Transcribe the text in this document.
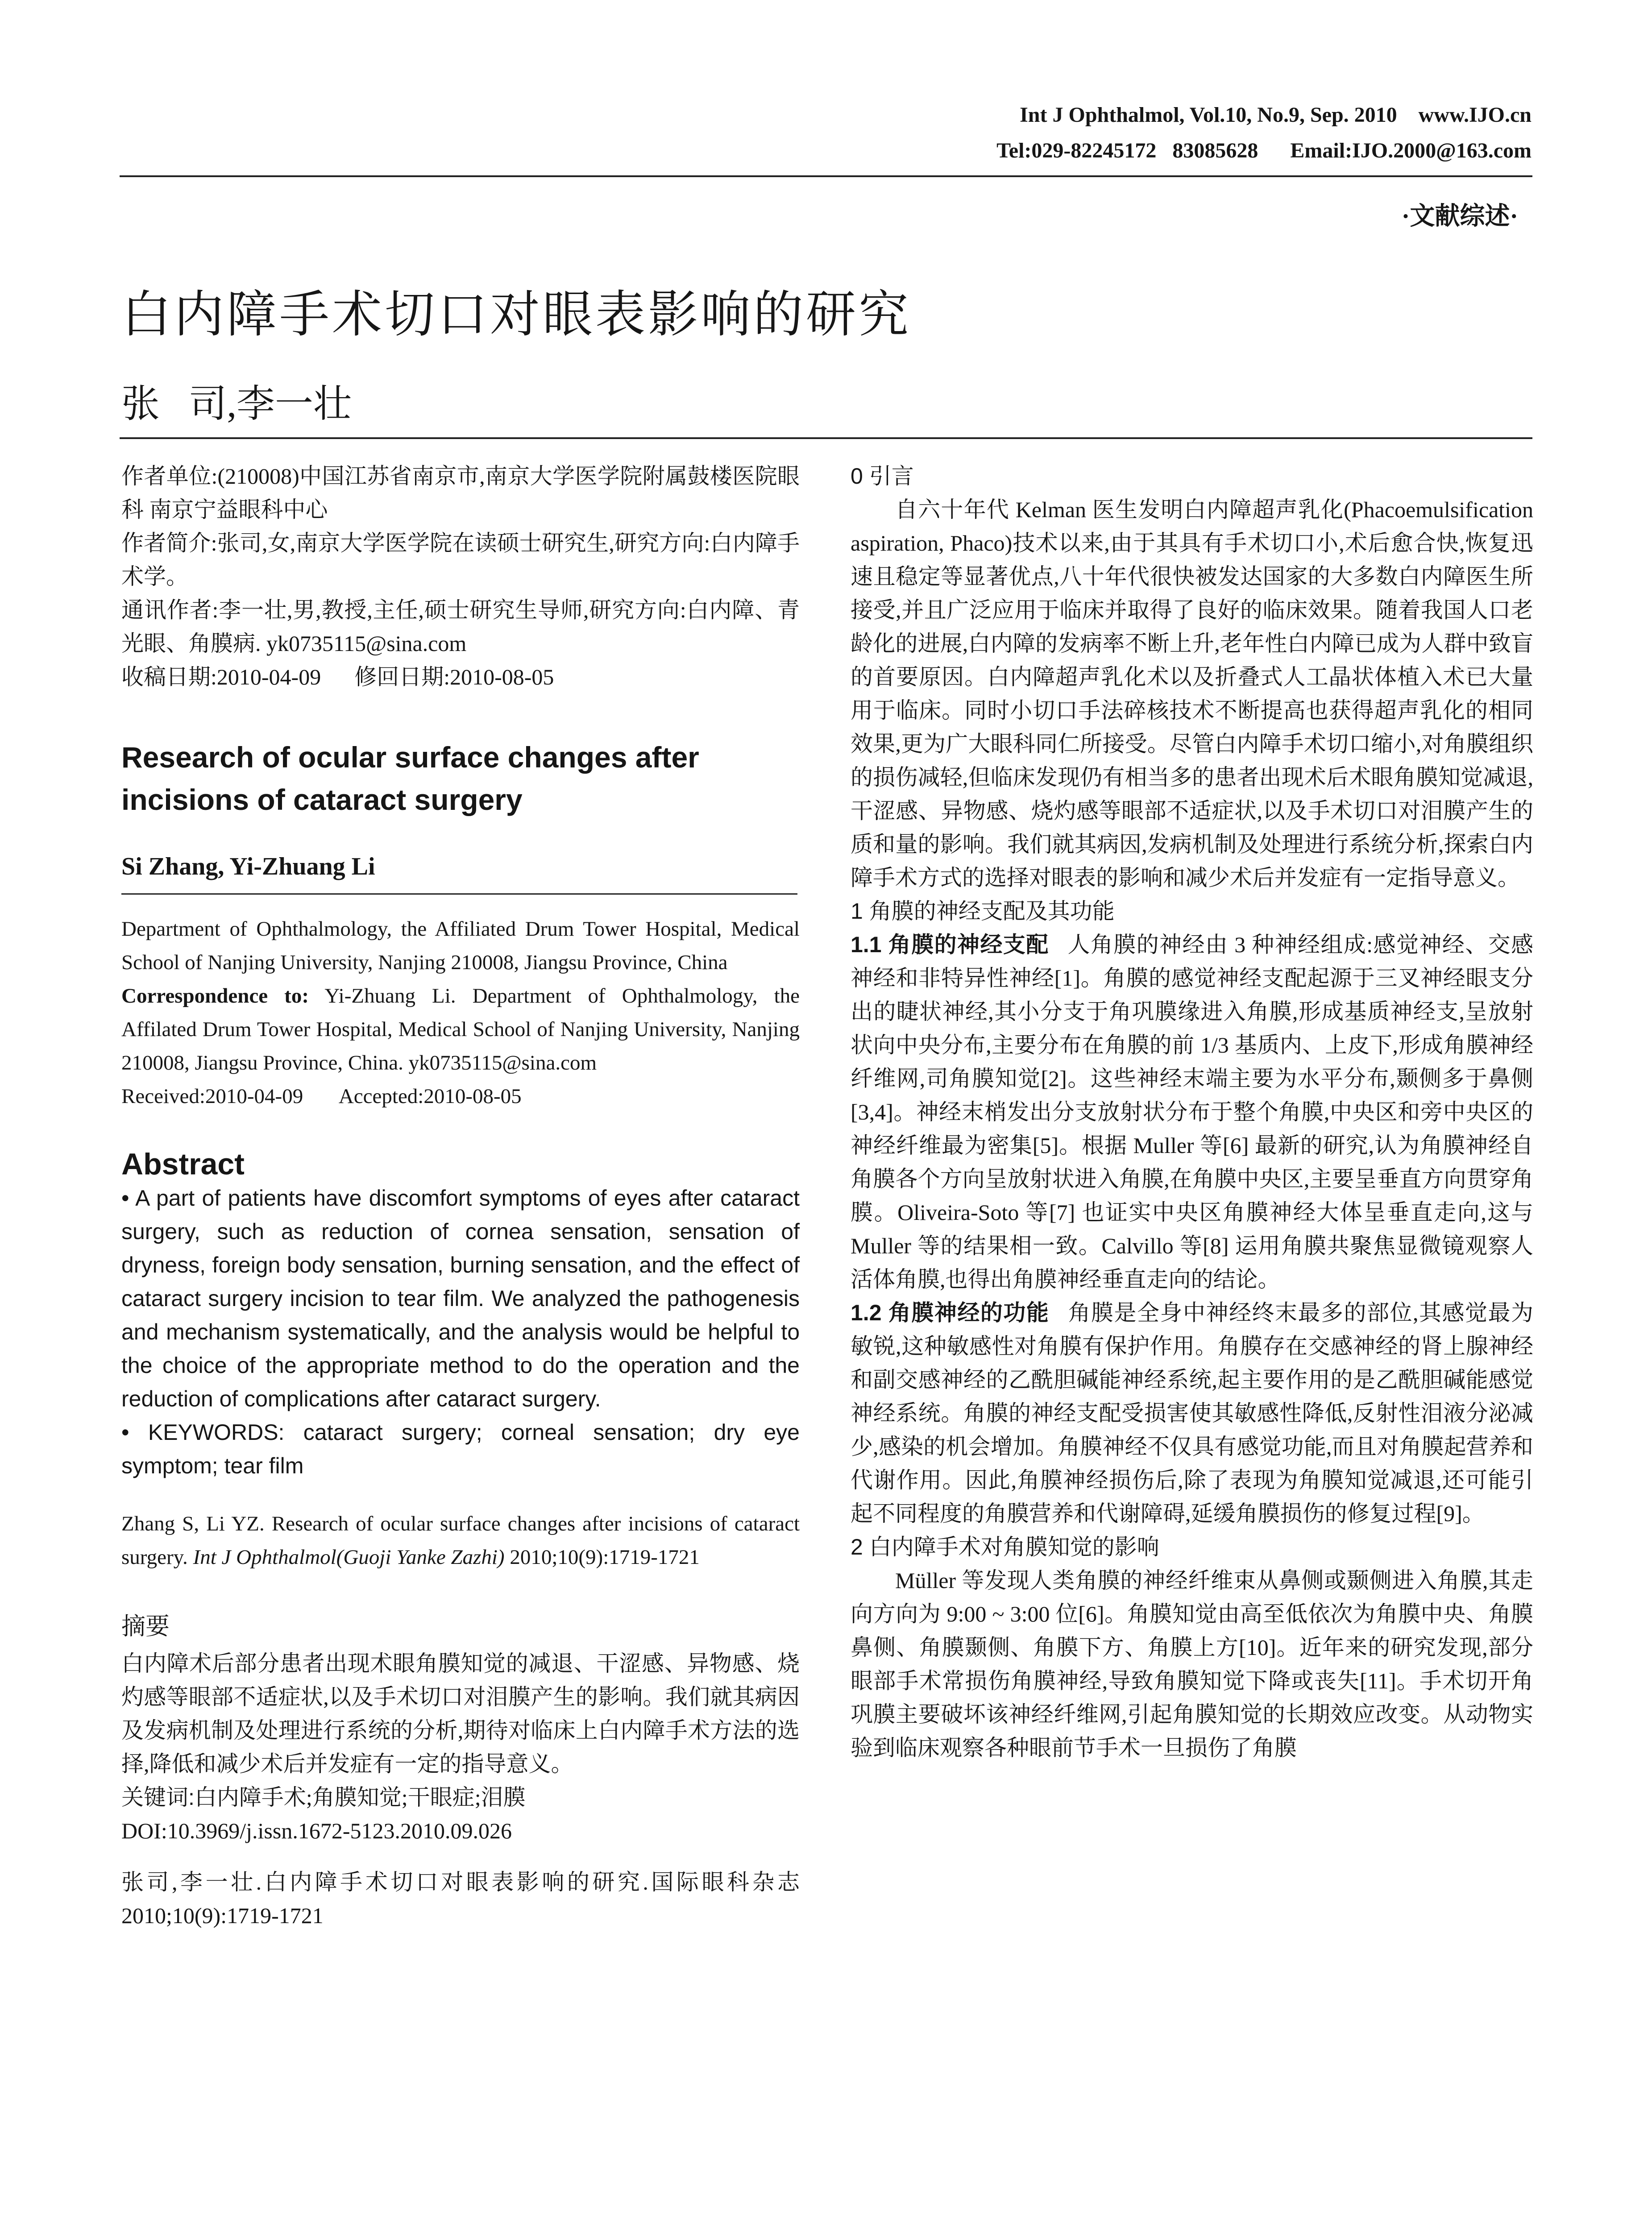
Int J Ophthalmol, Vol.10, No.9, Sep. 2010    www.IJO.cn
Tel:029-82245172   83085628      Email:IJO.2000@163.com
·文献综述·
白内障手术切口对眼表影响的研究
张   司,李一壮

作者单位:(210008)中国江苏省南京市,南京大学医学院附属鼓楼医院眼科 南京宁益眼科中心

作者简介:张司,女,南京大学医学院在读硕士研究生,研究方向:白内障手术学。

通讯作者:李一壮,男,教授,主任,硕士研究生导师,研究方向:白内障、青光眼、角膜病. yk0735115@sina.com

收稿日期:2010-04-09      修回日期:2010-08-05

Research of ocular surface changes after incisions of cataract surgery
Si Zhang, Yi-Zhuang Li

Department of Ophthalmology, the Affiliated Drum Tower Hospital, Medical School of Nanjing University, Nanjing 210008, Jiangsu Province, China

Correspondence to: Yi-Zhuang Li. Department of Ophthalmology, the Affilated Drum Tower Hospital, Medical School of Nanjing University, Nanjing 210008, Jiangsu Province, China. yk0735115@sina.com

Received:2010-04-09       Accepted:2010-08-05

Abstract

• A part of patients have discomfort symptoms of eyes after cataract surgery, such as reduction of cornea sensation, sensation of dryness, foreign body sensation, burning sensation, and the effect of cataract surgery incision to tear film. We analyzed the pathogenesis and mechanism systematically, and the analysis would be helpful to the choice of the appropriate method to do the operation and the reduction of complications after cataract surgery.

• KEYWORDS: cataract surgery; corneal sensation; dry eye symptom; tear film

Zhang S, Li YZ. Research of ocular surface changes after incisions of cataract surgery. Int J Ophthalmol(Guoji Yanke Zazhi) 2010;10(9):1719-1721

摘要

白内障术后部分患者出现术眼角膜知觉的减退、干涩感、异物感、烧灼感等眼部不适症状,以及手术切口对泪膜产生的影响。我们就其病因及发病机制及处理进行系统的分析,期待对临床上白内障手术方法的选择,降低和减少术后并发症有一定的指导意义。

关键词:白内障手术;角膜知觉;干眼症;泪膜

DOI:10.3969/j.issn.1672-5123.2010.09.026

张司,李一壮.白内障手术切口对眼表影响的研究.国际眼科杂志 2010;10(9):1719-1721

0 引言

自六十年代 Kelman 医生发明白内障超声乳化(Phacoemulsification aspiration, Phaco)技术以来,由于其具有手术切口小,术后愈合快,恢复迅速且稳定等显著优点,八十年代很快被发达国家的大多数白内障医生所接受,并且广泛应用于临床并取得了良好的临床效果。随着我国人口老龄化的进展,白内障的发病率不断上升,老年性白内障已成为人群中致盲的首要原因。白内障超声乳化术以及折叠式人工晶状体植入术已大量用于临床。同时小切口手法碎核技术不断提高也获得超声乳化的相同效果,更为广大眼科同仁所接受。尽管白内障手术切口缩小,对角膜组织的损伤减轻,但临床发现仍有相当多的患者出现术后术眼角膜知觉减退,干涩感、异物感、烧灼感等眼部不适症状,以及手术切口对泪膜产生的质和量的影响。我们就其病因,发病机制及处理进行系统分析,探索白内障手术方式的选择对眼表的影响和减少术后并发症有一定指导意义。

1 角膜的神经支配及其功能

1.1 角膜的神经支配 人角膜的神经由 3 种神经组成:感觉神经、交感神经和非特异性神经[1]。角膜的感觉神经支配起源于三叉神经眼支分出的睫状神经,其小分支于角巩膜缘进入角膜,形成基质神经支,呈放射状向中央分布,主要分布在角膜的前 1/3 基质内、上皮下,形成角膜神经纤维网,司角膜知觉[2]。这些神经末端主要为水平分布,颞侧多于鼻侧[3,4]。神经末梢发出分支放射状分布于整个角膜,中央区和旁中央区的神经纤维最为密集[5]。根据 Muller 等[6] 最新的研究,认为角膜神经自角膜各个方向呈放射状进入角膜,在角膜中央区,主要呈垂直方向贯穿角膜。Oliveira-Soto 等[7] 也证实中央区角膜神经大体呈垂直走向,这与 Muller 等的结果相一致。Calvillo 等[8] 运用角膜共聚焦显微镜观察人活体角膜,也得出角膜神经垂直走向的结论。

1.2 角膜神经的功能 角膜是全身中神经终末最多的部位,其感觉最为敏锐,这种敏感性对角膜有保护作用。角膜存在交感神经的肾上腺神经和副交感神经的乙酰胆碱能神经系统,起主要作用的是乙酰胆碱能感觉神经系统。角膜的神经支配受损害使其敏感性降低,反射性泪液分泌减少,感染的机会增加。角膜神经不仅具有感觉功能,而且对角膜起营养和代谢作用。因此,角膜神经损伤后,除了表现为角膜知觉减退,还可能引起不同程度的角膜营养和代谢障碍,延缓角膜损伤的修复过程[9]。

2 白内障手术对角膜知觉的影响

Müller 等发现人类角膜的神经纤维束从鼻侧或颞侧进入角膜,其走向方向为 9:00 ~ 3:00 位[6]。角膜知觉由高至低依次为角膜中央、角膜鼻侧、角膜颞侧、角膜下方、角膜上方[10]。近年来的研究发现,部分眼部手术常损伤角膜神经,导致角膜知觉下降或丧失[11]。手术切开角巩膜主要破坏该神经纤维网,引起角膜知觉的长期效应改变。从动物实验到临床观察各种眼前节手术一旦损伤了角膜
